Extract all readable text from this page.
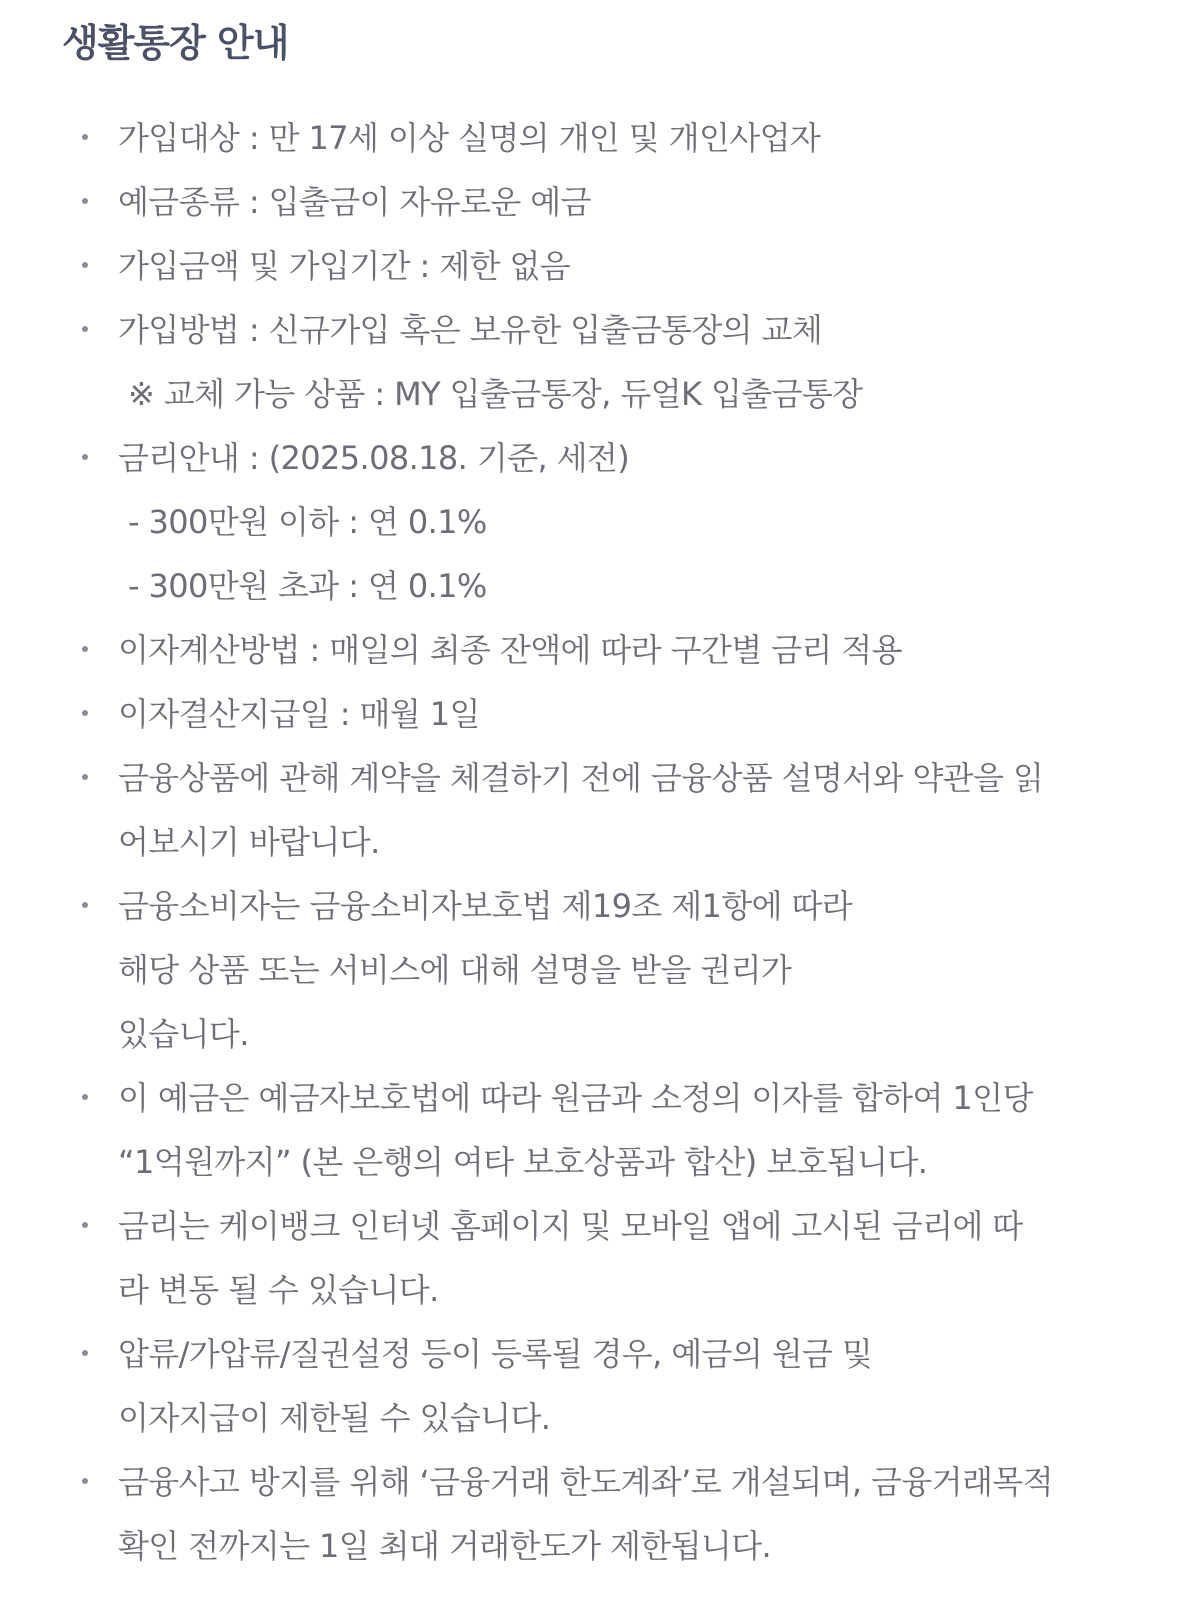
생활통장 안내
가입대상 : 만 17세 이상 실명의 개인 및 개인사업자
예금종류 : 입출금이 자유로운 예금
가입금액 및 가입기간 : 제한 없음
가입방법 : 신규가입 혹은 보유한 입출금통장의 교체
※ 교체 가능 상품 : MY 입출금통장, 듀얼K 입출금통장
금리안내 : (2025.08.18. 기준, 세전)
- 300만원 이하 : 연 0.1%
- 300만원 초과 : 연 0.1%
이자계산방법 : 매일의 최종 잔액에 따라 구간별 금리 적용
이자결산지급일 : 매월 1일
금융상품에 관해 계약을 체결하기 전에 금융상품 설명서와 약관을 읽
어보시기 바랍니다.
금융소비자는 금융소비자보호법 제19조 제1항에 따라
해당 상품 또는 서비스에 대해 설명을 받을 권리가
있습니다.
이 예금은 예금자보호법에 따라 원금과 소정의 이자를 합하여 1인당
“1억원까지” (본 은행의 여타 보호상품과 합산) 보호됩니다.
금리는 케이뱅크 인터넷 홈페이지 및 모바일 앱에 고시된 금리에 따
라 변동 될 수 있습니다.
압류/가압류/질권설정 등이 등록될 경우, 예금의 원금 및
이자지급이 제한될 수 있습니다.
금융사고 방지를 위해 ‘금융거래 한도계좌’로 개설되며, 금융거래목적
확인 전까지는 1일 최대 거래한도가 제한됩니다.
